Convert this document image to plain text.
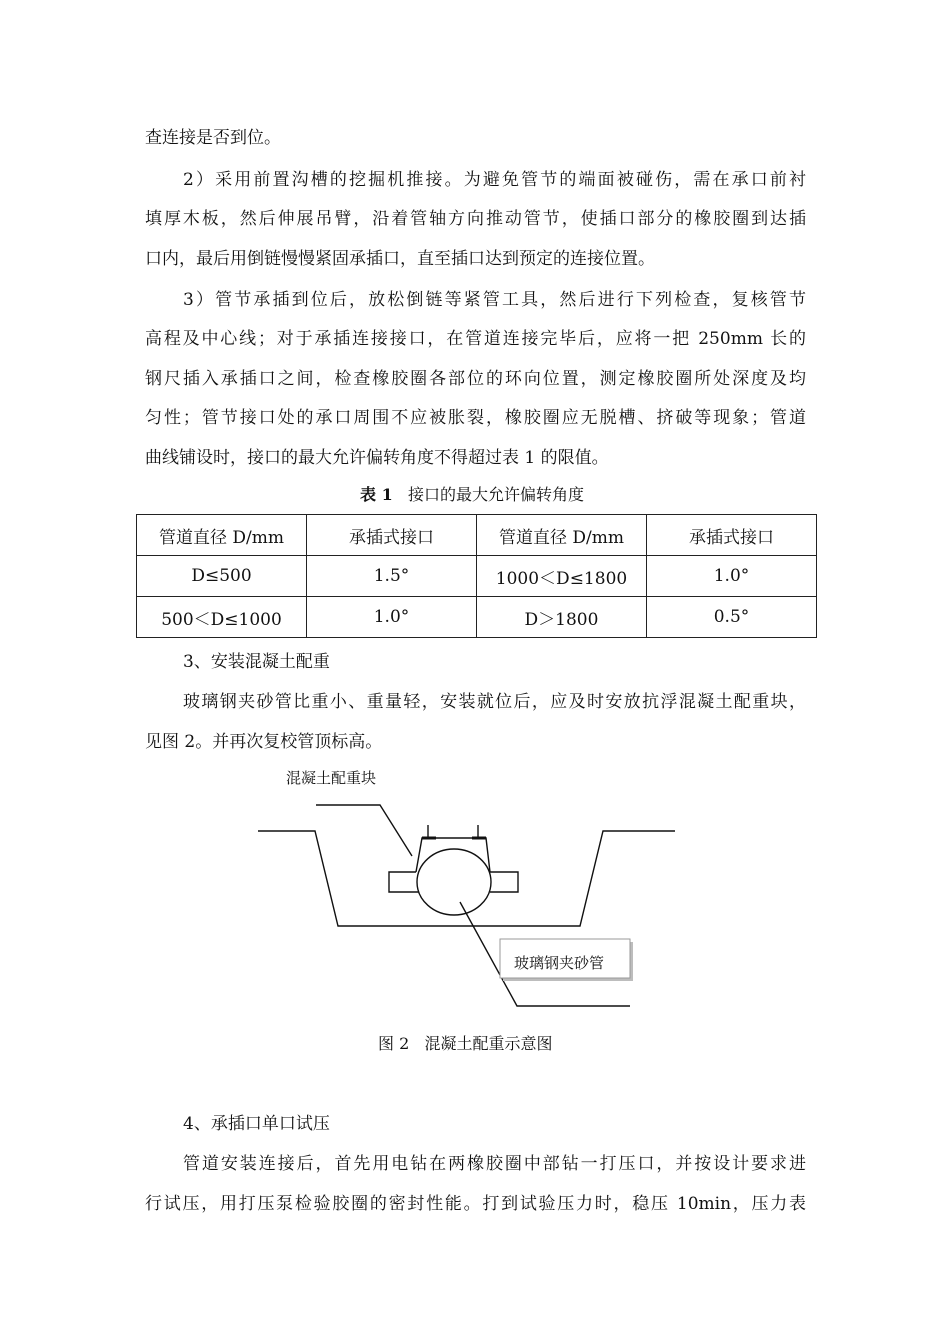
查连接是否到位。
2）采用前置沟槽的挖掘机推接。为避免管节的端面被碰伤，需在承口前衬
填厚木板，然后伸展吊臂，沿着管轴方向推动管节，使插口部分的橡胶圈到达插
口内，最后用倒链慢慢紧固承插口，直至插口达到预定的连接位置。
3）管节承插到位后，放松倒链等紧管工具，然后进行下列检查，复核管节
高程及中心线；对于承插连接接口，在管道连接完毕后，应将一把 250mm 长的
钢尺插入承插口之间，检查橡胶圈各部位的环向位置，测定橡胶圈所处深度及均
匀性；管节接口处的承口周围不应被胀裂，橡胶圈应无脱槽、挤破等现象；管道
曲线铺设时，接口的最大允许偏转角度不得超过表 1 的限值。
表 1 接口的最大允许偏转角度
管道直径 D/mm	承插式接口	管道直径 D/mm	承插式接口
D≤500	1.5°	1000＜D≤1800	1.0°
500＜D≤1000	1.0°	D＞1800	0.5°
3、安装混凝土配重
玻璃钢夹砂管比重小、重量轻，安装就位后，应及时安放抗浮混凝土配重块，
见图 2。并再次复校管顶标高。
混凝土配重块
玻璃钢夹砂管
图 2 混凝土配重示意图
4、承插口单口试压
管道安装连接后，首先用电钻在两橡胶圈中部钻一打压口，并按设计要求进
行试压，用打压泵检验胶圈的密封性能。打到试验压力时，稳压 10min，压力表
